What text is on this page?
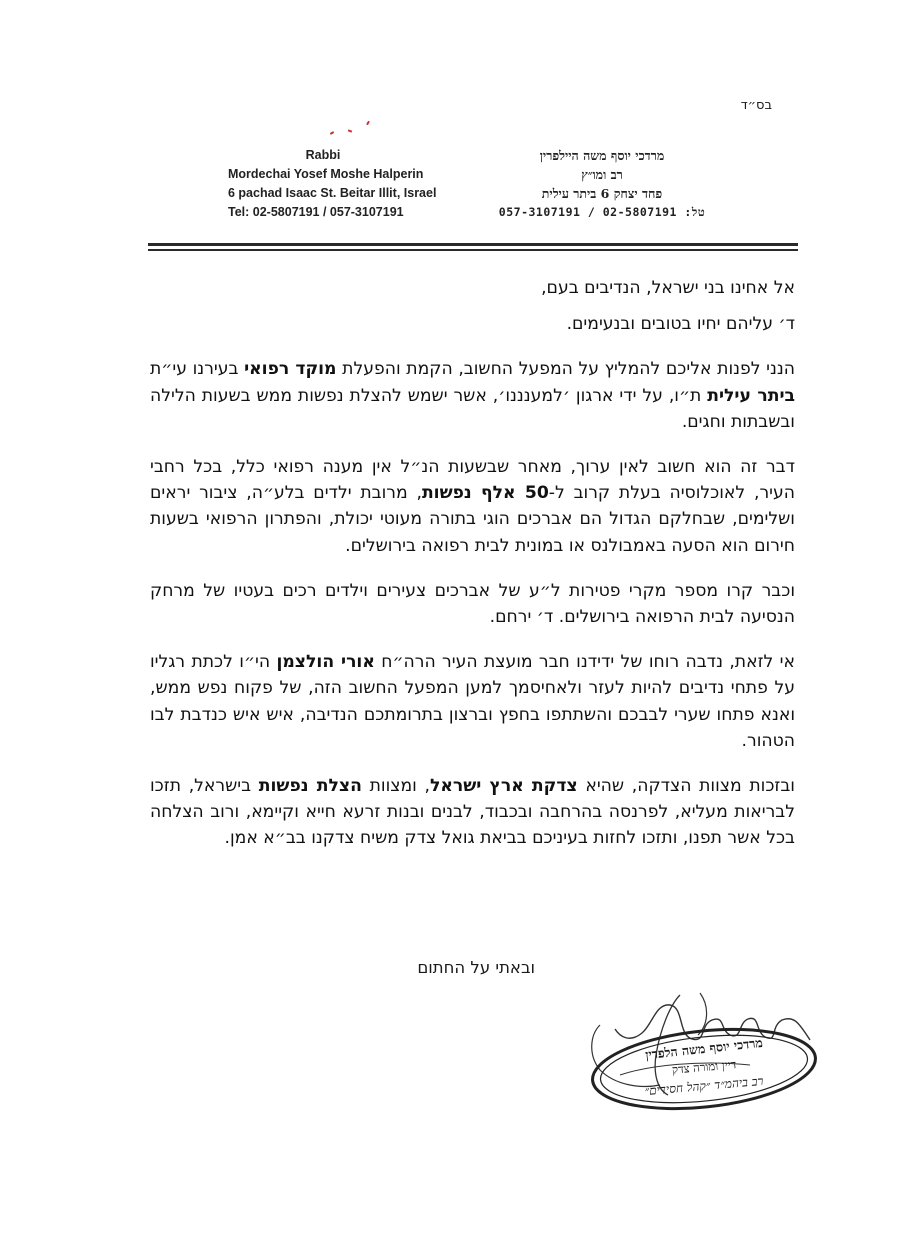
בס״ד
Rabbi
Mordechai Yosef Moshe Halperin
6 pachad Isaac St. Beitar Illit, Israel
Tel: 02-5807191 / 057-3107191
מרדכי יוסף משה היילפרין
רב ומו״ץ
פחד יצחק 6 ביתר עילית
טל: 02-5807191 / 057-3107191

אל אחינו בני ישראל, הנדיבים בעם,

ד׳ עליהם יחיו בטובים ובנעימים.

הנני לפנות אליכם להמליץ על המפעל החשוב, הקמת והפעלת מוקד רפואי בעירנו עי״ת ביתר עילית ת״ו, על ידי ארגון ׳למענננו׳, אשר ישמש להצלת נפשות ממש בשעות הלילה ובשבתות וחגים.

דבר זה הוא חשוב לאין ערוך, מאחר שבשעות הנ״ל אין מענה רפואי כלל, בכל רחבי העיר, לאוכלוסיה בעלת קרוב ל-50 אלף נפשות, מרובת ילדים בלע״ה, ציבור יראים ושלימים, שבחלקם הגדול הם אברכים הוגי בתורה מעוטי יכולת, והפתרון הרפואי בשעות חירום הוא הסעה באמבולנס או במונית לבית רפואה בירושלים.

וכבר קרו מספר מקרי פטירות ל״ע של אברכים צעירים וילדים רכים בעטיו של מרחק הנסיעה לבית הרפואה בירושלים. ד׳ ירחם.

אי לזאת, נדבה רוחו של ידידנו חבר מועצת העיר הרה״ח אורי הולצמן הי״ו לכתת רגליו על פתחי נדיבים להיות לעזר ולאחיסמך למען המפעל החשוב הזה, של פקוח נפש ממש, ואנא פתחו שערי לבבכם והשתתפו בחפץ וברצון בתרומתכם הנדיבה, איש איש כנדבת לבו הטהור.

ובזכות מצוות הצדקה, שהיא צדקת ארץ ישראל, ומצוות הצלת נפשות בישראל, תזכו לבריאות מעליא, לפרנסה בהרחבה ובכבוד, לבנים ובנות זרעא חייא וקיימא, ורוב הצלחה בכל אשר תפנו, ותזכו לחזות בעיניכם בביאת גואל צדק משיח צדקנו בב״א אמן.

ובאתי על החתום
מרדכי יוסף משה הלפרין
דיין ומורה צדק
רב ביהמ״ד ״קהל חסידים״
